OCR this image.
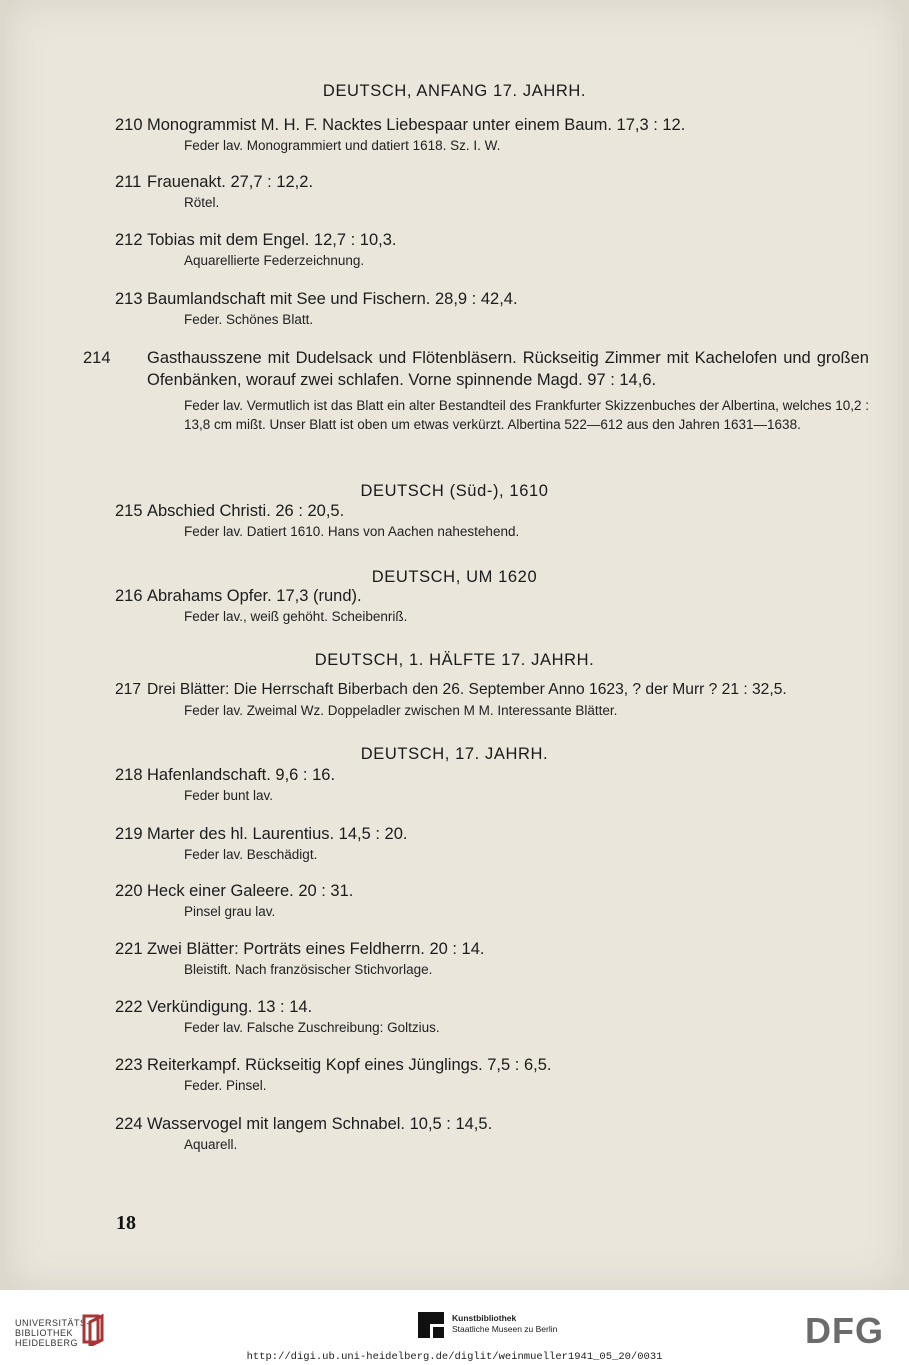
DEUTSCH, ANFANG 17. JAHRH.
210 Monogrammist M. H. F. Nacktes Liebespaar unter einem Baum. 17,3 : 12.
Feder lav. Monogrammiert und datiert 1618. Sz. I. W.
211 Frauenakt. 27,7 : 12,2.
Rötel.
212 Tobias mit dem Engel. 12,7 : 10,3.
Aquarellierte Federzeichnung.
213 Baumlandschaft mit See und Fischern. 28,9 : 42,4.
Feder. Schönes Blatt.
214 Gasthausszene mit Dudelsack und Flötenbläsern. Rückseitig Zimmer mit Kachelofen und großen Ofenbänken, worauf zwei schlafen. Vorne spinnende Magd. 97 : 14,6.
Feder lav. Vermutlich ist das Blatt ein alter Bestandteil des Frankfurter Skizzenbuches der Albertina, welches 10,2 : 13,8 cm mißt. Unser Blatt ist oben um etwas verkürzt. Albertina 522—612 aus den Jahren 1631—1638.
DEUTSCH (Süd-), 1610
215 Abschied Christi. 26 : 20,5.
Feder lav. Datiert 1610. Hans von Aachen nahestehend.
DEUTSCH, UM 1620
216 Abrahams Opfer. 17,3 (rund).
Feder lav., weiß gehöht. Scheibenriß.
DEUTSCH, 1. HÄLFTE 17. JAHRH.
217 Drei Blätter: Die Herrschaft Biberbach den 26. September Anno 1623, ? der Murr ? 21 : 32,5.
Feder lav. Zweimal Wz. Doppeladler zwischen M M. Interessante Blätter.
DEUTSCH, 17. JAHRH.
218 Hafenlandschaft. 9,6 : 16.
Feder bunt lav.
219 Marter des hl. Laurentius. 14,5 : 20.
Feder lav. Beschädigt.
220 Heck einer Galeere. 20 : 31.
Pinsel grau lav.
221 Zwei Blätter: Porträts eines Feldherrn. 20 : 14.
Bleistift. Nach französischer Stichvorlage.
222 Verkündigung. 13 : 14.
Feder lav. Falsche Zuschreibung: Goltzius.
223 Reiterkampf. Rückseitig Kopf eines Jünglings. 7,5 : 6,5.
Feder. Pinsel.
224 Wasservogel mit langem Schnabel. 10,5 : 14,5.
Aquarell.
18
UNIVERSITÄTS-
BIBLIOTHEK
HEIDELBERG
Kunstbibliothek
Staatliche Museen zu Berlin	DFG
http://digi.ub.uni-heidelberg.de/diglit/weinmueller1941_05_20/0031
